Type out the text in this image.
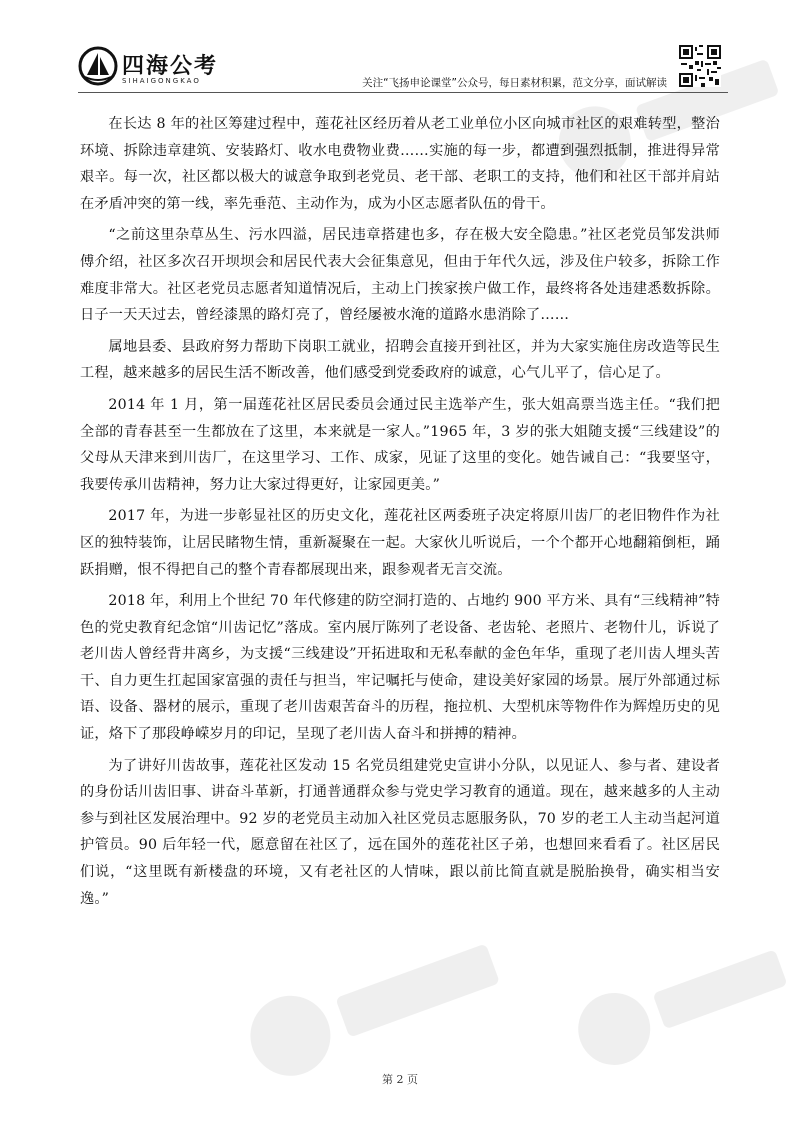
四海公考
SIHAIGONGKAO	关注“飞扬申论课堂”公众号，每日素材积累，范文分享，面试解读

在长达 8 年的社区筹建过程中，莲花社区经历着从老工业单位小区向城市社区的艰难转型，整治环境、拆除违章建筑、安装路灯、收水电费物业费……实施的每一步，都遭到强烈抵制，推进得异常艰辛。每一次，社区都以极大的诚意争取到老党员、老干部、老职工的支持，他们和社区干部并肩站在矛盾冲突的第一线，率先垂范、主动作为，成为小区志愿者队伍的骨干。

“之前这里杂草丛生、污水四溢，居民违章搭建也多，存在极大安全隐患。”社区老党员邹发洪师傅介绍，社区多次召开坝坝会和居民代表大会征集意见，但由于年代久远，涉及住户较多，拆除工作难度非常大。社区老党员志愿者知道情况后，主动上门挨家挨户做工作，最终将各处违建悉数拆除。日子一天天过去，曾经漆黑的路灯亮了，曾经屡被水淹的道路水患消除了……

属地县委、县政府努力帮助下岗职工就业，招聘会直接开到社区，并为大家实施住房改造等民生工程，越来越多的居民生活不断改善，他们感受到党委政府的诚意，心气儿平了，信心足了。

2014 年 1 月，第一届莲花社区居民委员会通过民主选举产生，张大姐高票当选主任。“我们把全部的青春甚至一生都放在了这里，本来就是一家人。”1965 年，3 岁的张大姐随支援“三线建设”的父母从天津来到川齿厂，在这里学习、工作、成家，见证了这里的变化。她告诫自己：“我要坚守，我要传承川齿精神，努力让大家过得更好，让家园更美。”

2017 年，为进一步彰显社区的历史文化，莲花社区两委班子决定将原川齿厂的老旧物件作为社区的独特装饰，让居民睹物生情，重新凝聚在一起。大家伙儿听说后，一个个都开心地翻箱倒柜，踊跃捐赠，恨不得把自己的整个青春都展现出来，跟参观者无言交流。

2018 年，利用上个世纪 70 年代修建的防空洞打造的、占地约 900 平方米、具有“三线精神”特色的党史教育纪念馆“川齿记忆”落成。室内展厅陈列了老设备、老齿轮、老照片、老物什儿，诉说了老川齿人曾经背井离乡，为支援“三线建设”开拓进取和无私奉献的金色年华，重现了老川齿人埋头苦干、自力更生扛起国家富强的责任与担当，牢记嘱托与使命，建设美好家园的场景。展厅外部通过标语、设备、器材的展示，重现了老川齿艰苦奋斗的历程，拖拉机、大型机床等物件作为辉煌历史的见证，烙下了那段峥嵘岁月的印记，呈现了老川齿人奋斗和拼搏的精神。

为了讲好川齿故事，莲花社区发动 15 名党员组建党史宣讲小分队，以见证人、参与者、建设者的身份话川齿旧事、讲奋斗革新，打通普通群众参与党史学习教育的通道。现在，越来越多的人主动参与到社区发展治理中。92 岁的老党员主动加入社区党员志愿服务队，70 岁的老工人主动当起河道护管员。90 后年轻一代，愿意留在社区了，远在国外的莲花社区子弟，也想回来看看了。社区居民们说，“这里既有新楼盘的环境，又有老社区的人情味，跟以前比简直就是脱胎换骨，确实相当安逸。”

第 2 页
